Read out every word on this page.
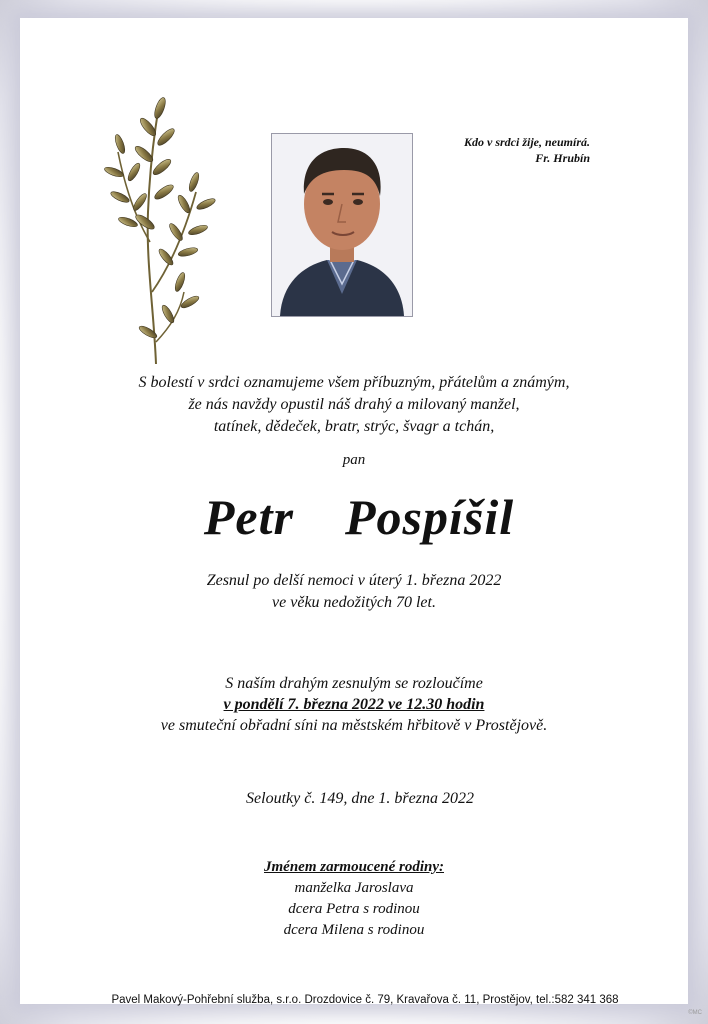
Kdo v srdci žije, neumírá.
Fr. Hrubín
S bolestí v srdci oznamujeme všem příbuzným, přátelům a známým,
že nás navždy opustil náš drahý a milovaný manžel,
tatínek, dědeček, bratr, strýc, švagr a tchán,
pan
Petr  Pospíšil
Zesnul po delší nemoci v úterý 1. března 2022
ve věku nedožitých 70 let.
S naším drahým zesnulým se rozloučíme
v pondělí 7. března 2022 ve 12.30 hodin
ve smuteční obřadní síni na městském hřbitově v Prostějově.
Seloutky č. 149, dne 1. března 2022
Jménem zarmoucené rodiny:
manželka Jaroslava
dcera Petra s rodinou
dcera Milena s rodinou
Pavel Makový-Pohřební služba, s.r.o. Drozdovice č. 79, Kravařova č. 11, Prostějov, tel.:582 341 368
©MC
